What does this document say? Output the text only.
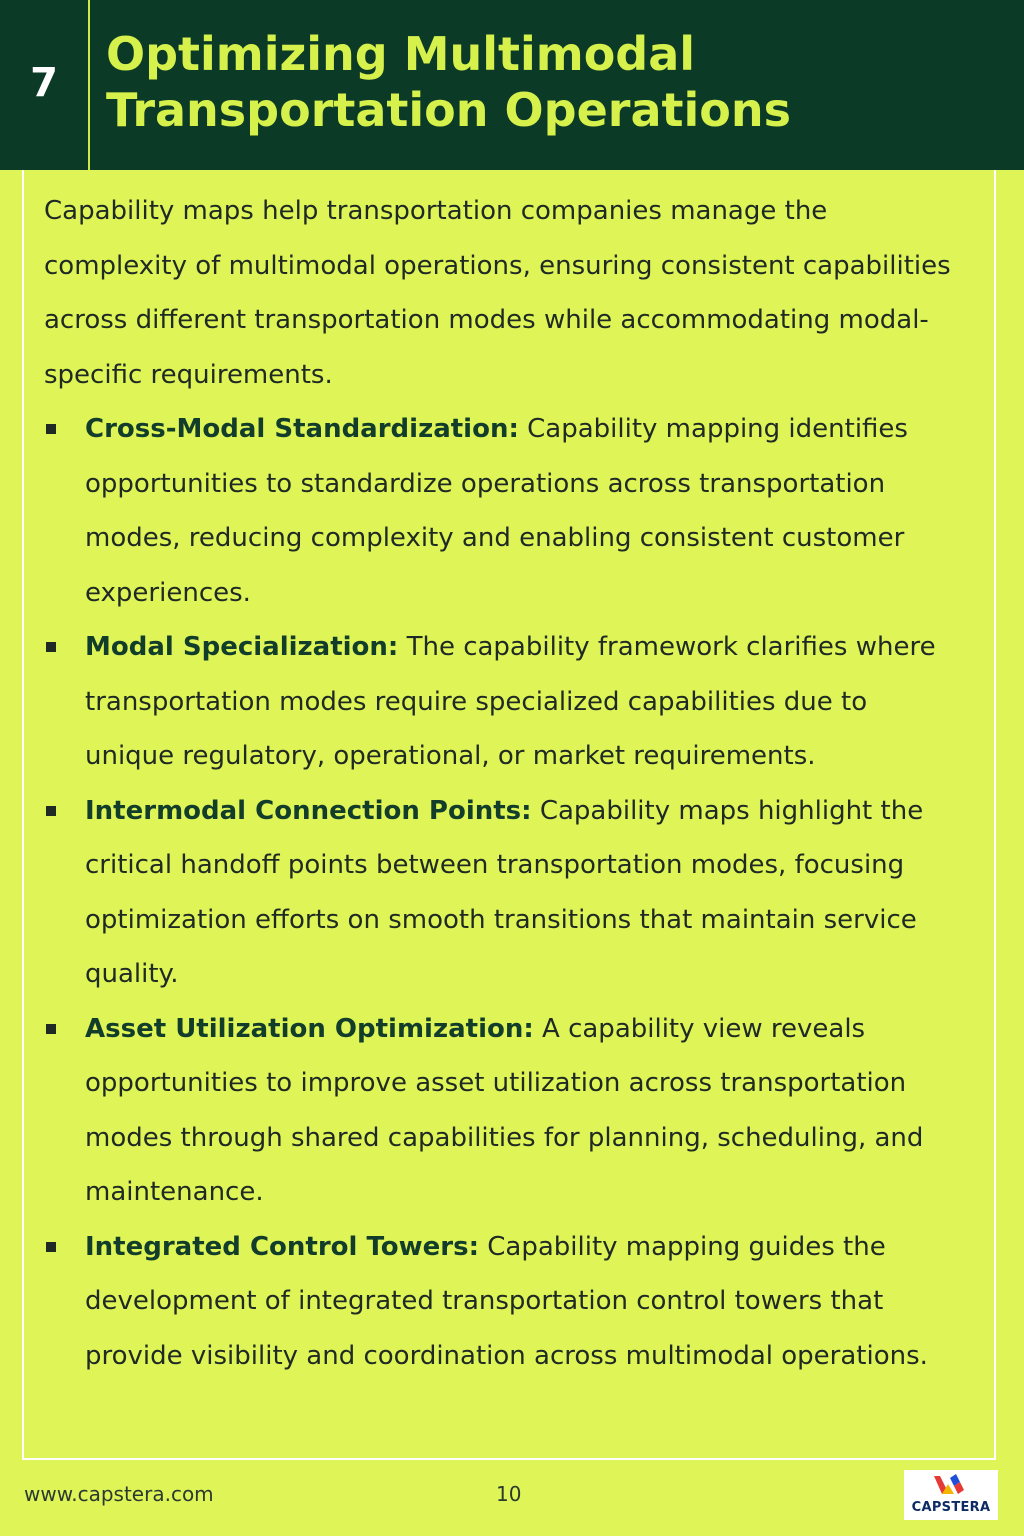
7
Optimizing Multimodal
Transportation Operations

Capability maps help transportation companies manage the complexity of multimodal operations, ensuring consistent capabilities across different transportation modes while accommodating modal-specific requirements.

Cross-Modal Standardization: Capability mapping identifies opportunities to standardize operations across transportation modes, reducing complexity and enabling consistent customer experiences.
Modal Specialization: The capability framework clarifies where transportation modes require specialized capabilities due to unique regulatory, operational, or market requirements.
Intermodal Connection Points: Capability maps highlight the critical handoff points between transportation modes, focusing optimization efforts on smooth transitions that maintain service quality.
Asset Utilization Optimization: A capability view reveals opportunities to improve asset utilization across transportation modes through shared capabilities for planning, scheduling, and maintenance.
Integrated Control Towers: Capability mapping guides the development of integrated transportation control towers that provide visibility and coordination across multimodal operations.
www.capstera.com	10
CAPSTERA
